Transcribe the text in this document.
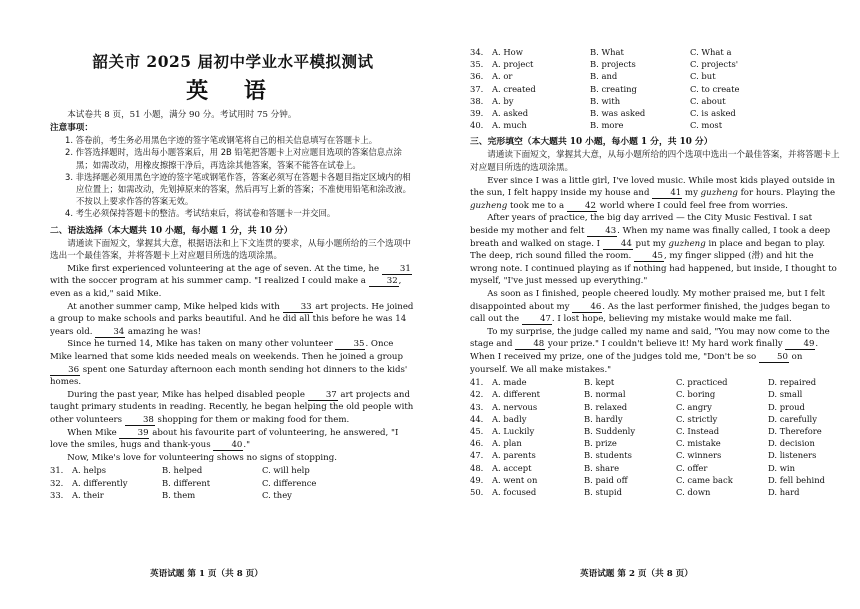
韶关市 2025 届初中学业水平模拟测试
英 语

本试卷共 8 页，51 小题，满分 90 分。考试用时 75 分钟。

注意事项：

1. 答卷前，考生务必用黑色字迹的签字笔或钢笔将自己的相关信息填写在答题卡上。

2. 作答选择题时，选出每小题答案后，用 2B 铅笔把答题卡上对应题目选项的答案信息点涂黑；如需改动，用橡皮擦擦干净后，再选涂其他答案，答案不能答在试卷上。

3. 非选择题必须用黑色字迹的签字笔或钢笔作答，答案必须写在答题卡各题目指定区域内的相应位置上；如需改动，先划掉原来的答案，然后再写上新的答案；不准使用铅笔和涂改液。不按以上要求作答的答案无效。

4. 考生必须保持答题卡的整洁。考试结束后，将试卷和答题卡一并交回。

二、语法选择（本大题共 10 小题，每小题 1 分，共 10 分）

请通读下面短文，掌握其大意，根据语法和上下文连贯的要求，从每小题所给的三个选项中选出一个最佳答案，并将答题卡上对应题目所选的选项涂黑。

Mike first experienced volunteering at the age of seven. At the time, he 31 with the soccer program at his summer camp. "I realized I could make a 32, even as a kid," said Mike.

At another summer camp, Mike helped kids with 33 art projects. He joined a group to make schools and parks beautiful. And he did all this before he was 14 years old. 34 amazing he was!

Since he turned 14, Mike has taken on many other volunteer 35. Once Mike learned that some kids needed meals on weekends. Then he joined a group 36 spent one Saturday afternoon each month sending hot dinners to the kids' homes.

During the past year, Mike has helped disabled people 37 art projects and taught primary students in reading. Recently, he began helping the old people with other volunteers 38 shopping for them or making food for them.

When Mike 39 about his favourite part of volunteering, he answered, "I love the smiles, hugs and thank-yous 40."

Now, Mike's love for volunteering shows no signs of stopping.

31.	A. helps	B. helped	C. will help
32.	A. differently	B. different	C. difference
33.	A. their	B. them	C. they
34.	A. How	B. What	C. What a
35.	A. project	B. projects	C. projects'
36.	A. or	B. and	C. but
37.	A. created	B. creating	C. to create
38.	A. by	B. with	C. about
39.	A. asked	B. was asked	C. is asked
40.	A. much	B. more	C. most

三、完形填空（本大题共 10 小题，每小题 1 分，共 10 分）

请通读下面短文，掌握其大意，从每小题所给的四个选项中选出一个最佳答案，并将答题卡上对应题目所选的选项涂黑。

Ever since I was a little girl, I've loved music. While most kids played outside in the sun, I felt happy inside my house and 41 my guzheng for hours. Playing the guzheng took me to a 42 world where I could feel free from worries.

After years of practice, the big day arrived — the City Music Festival. I sat beside my mother and felt 43. When my name was finally called, I took a deep breath and walked on stage. I 44 put my guzheng in place and began to play. The deep, rich sound filled the room. 45, my finger slipped (滑) and hit the wrong note. I continued playing as if nothing had happened, but inside, I thought to myself, "I've just messed up everything."

As soon as I finished, people cheered loudly. My mother praised me, but I felt disappointed about my 46. As the last performer finished, the judges began to call out the 47. I lost hope, believing my mistake would make me fail.

To my surprise, the judge called my name and said, "You may now come to the stage and 48 your prize." I couldn't believe it! My hard work finally 49. When I received my prize, one of the judges told me, "Don't be so 50 on yourself. We all make mistakes."

41.	A. made	B. kept	C. practiced	D. repaired
42.	A. different	B. normal	C. boring	D. small
43.	A. nervous	B. relaxed	C. angry	D. proud
44.	A. badly	B. hardly	C. strictly	D. carefully
45.	A. Luckily	B. Suddenly	C. Instead	D. Therefore
46.	A. plan	B. prize	C. mistake	D. decision
47.	A. parents	B. students	C. winners	D. listeners
48.	A. accept	B. share	C. offer	D. win
49.	A. went on	B. paid off	C. came back	D. fell behind
50.	A. focused	B. stupid	C. down	D. hard
英语试题 第 1 页（共 8 页）	英语试题 第 2 页（共 8 页）
